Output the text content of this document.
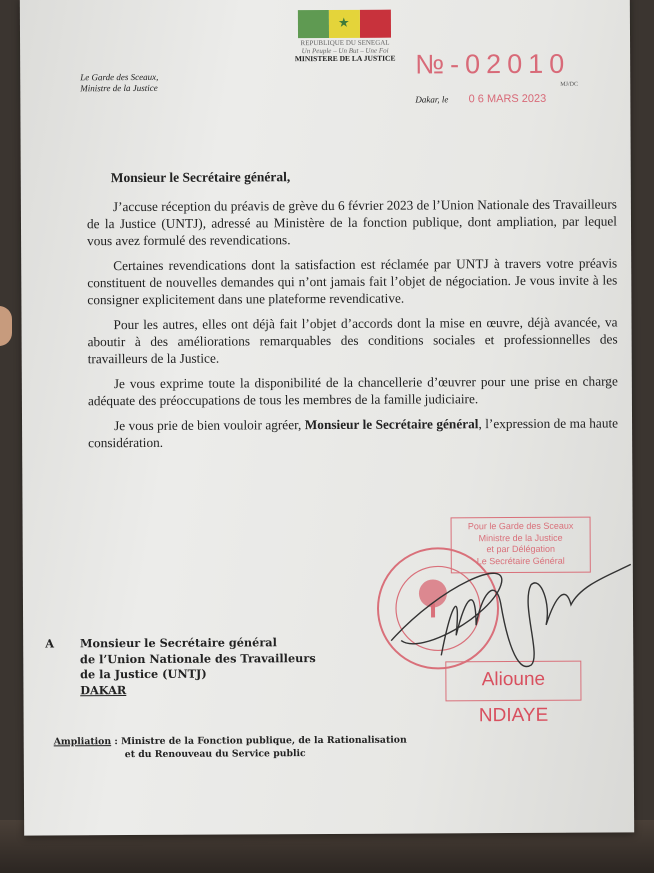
★
REPUBLIQUE DU SENEGAL
Un Peuple – Un But – Une Foi
MINISTERE DE LA JUSTICE
Le Garde des Sceaux,
Ministre de la Justice
№-02010
MJ/DC
Dakar, le 0 6 MARS 2023
Monsieur le Secrétaire général,

J’accuse réception du préavis de grève du 6 février 2023 de l’Union Nationale des Travailleurs de la Justice (UNTJ), adressé au Ministère de la fonction publique, dont ampliation, par lequel vous avez formulé des revendications.

Certaines revendications dont la satisfaction est réclamée par UNTJ à travers votre préavis constituent de nouvelles demandes qui n’ont jamais fait l’objet de négociation. Je vous invite à les consigner explicitement dans une plateforme revendicative.

Pour les autres, elles ont déjà fait l’objet d’accords dont la mise en œuvre, déjà avancée, va aboutir à des améliorations remarquables des conditions sociales et professionnelles des travailleurs de la Justice.

Je vous exprime toute la disponibilité de la chancellerie d’œuvrer pour une prise en charge adéquate des préoccupations de tous les membres de la famille judiciaire.

Je vous prie de bien vouloir agréer, Monsieur le Secrétaire général, l’expression de ma haute considération.

Pour le Garde des Sceaux
Ministre de la Justice
et par Délégation
Le Secrétaire Général
Alioune NDIAYE
A Monsieur le Secrétaire général
de l’Union Nationale des Travailleurs
de la Justice (UNTJ)
DAKAR
Ampliation : Ministre de la Fonction publique, de la Rationalisation
et du Renouveau du Service public
